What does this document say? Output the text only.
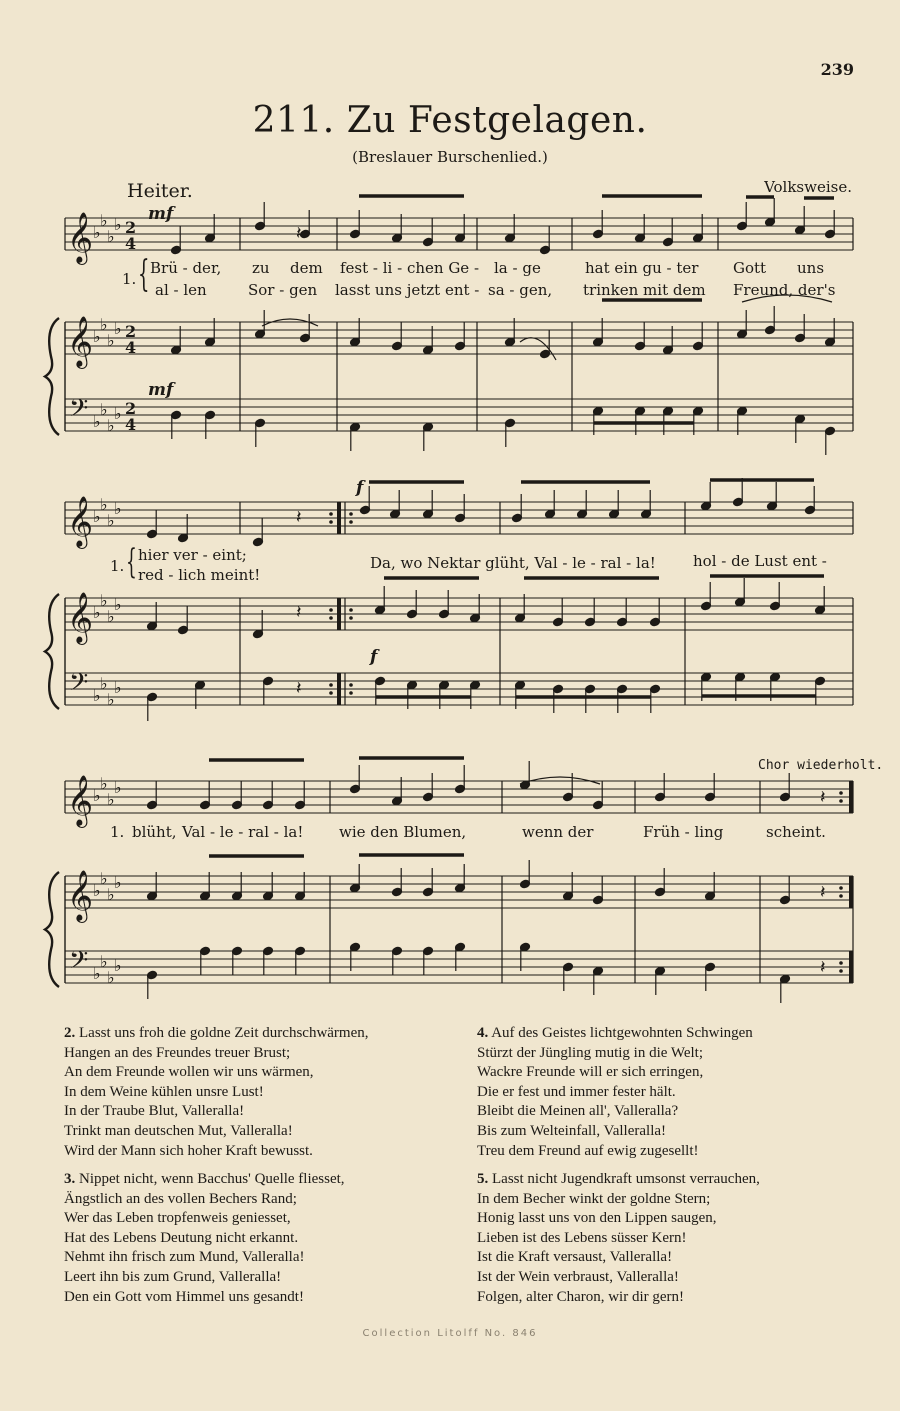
239
211. Zu Festgelagen.
(Breslauer Burschenlied.)
Heiter.	Volksweise.
𝄞
𝄞
𝄢
♭
♭
♭
♭
♭
♭
♭
♭
♭
♭
♭
♭
2
4
2
4
2
4
𝄞
𝄞
𝄢
♭
♭
♭
♭
♭
♭
♭
♭
♭
♭
♭
♭
𝄞
𝄞
𝄢
♭
♭
♭
♭
♭
♭
♭
♭
♭
♭
♭
♭
𝄽
𝄽
𝄽
𝄽
𝄽
𝄽
𝄽
mf
mf
f
f
1. { Brü - der, zu dem fest - li - chen Ge - la - ge	hat ein gu - ter Gott uns
al - len	Sor - gen lasst uns jetzt ent - sa - gen, trinken mit dem Freund, der's
1. { hier ver - eint;
red - lich meint!
Da, wo Nektar glüht, Val - le - ral - la! hol - de Lust ent -
Chor wiederholt.
1. blüht, Val - le - ral - la! wie den Blumen,	wenn der	Früh - ling	scheint.
2. Lasst uns froh die goldne Zeit durchschwärmen,
Hangen an des Freundes treuer Brust;
An dem Freunde wollen wir uns wärmen,
In dem Weine kühlen unsre Lust!
In der Traube Blut, Valleralla!
Trinkt man deutschen Mut, Valleralla!
Wird der Mann sich hoher Kraft bewusst.
3. Nippet nicht, wenn Bacchus' Quelle fliesset,
Ängstlich an des vollen Bechers Rand;
Wer das Leben tropfenweis geniesset,
Hat des Lebens Deutung nicht erkannt.
Nehmt ihn frisch zum Mund, Valleralla!
Leert ihn bis zum Grund, Valleralla!
Den ein Gott vom Himmel uns gesandt!
4. Auf des Geistes lichtgewohnten Schwingen
Stürzt der Jüngling mutig in die Welt;
Wackre Freunde will er sich erringen,
Die er fest und immer fester hält.
Bleibt die Meinen all', Valleralla?
Bis zum Welteinfall, Valleralla!
Treu dem Freund auf ewig zugesellt!
5. Lasst nicht Jugendkraft umsonst verrauchen,
In dem Becher winkt der goldne Stern;
Honig lasst uns von den Lippen saugen,
Lieben ist des Lebens süsser Kern!
Ist die Kraft versaust, Valleralla!
Ist der Wein verbraust, Valleralla!
Folgen, alter Charon, wir dir gern!
Collection Litolff No. 846
